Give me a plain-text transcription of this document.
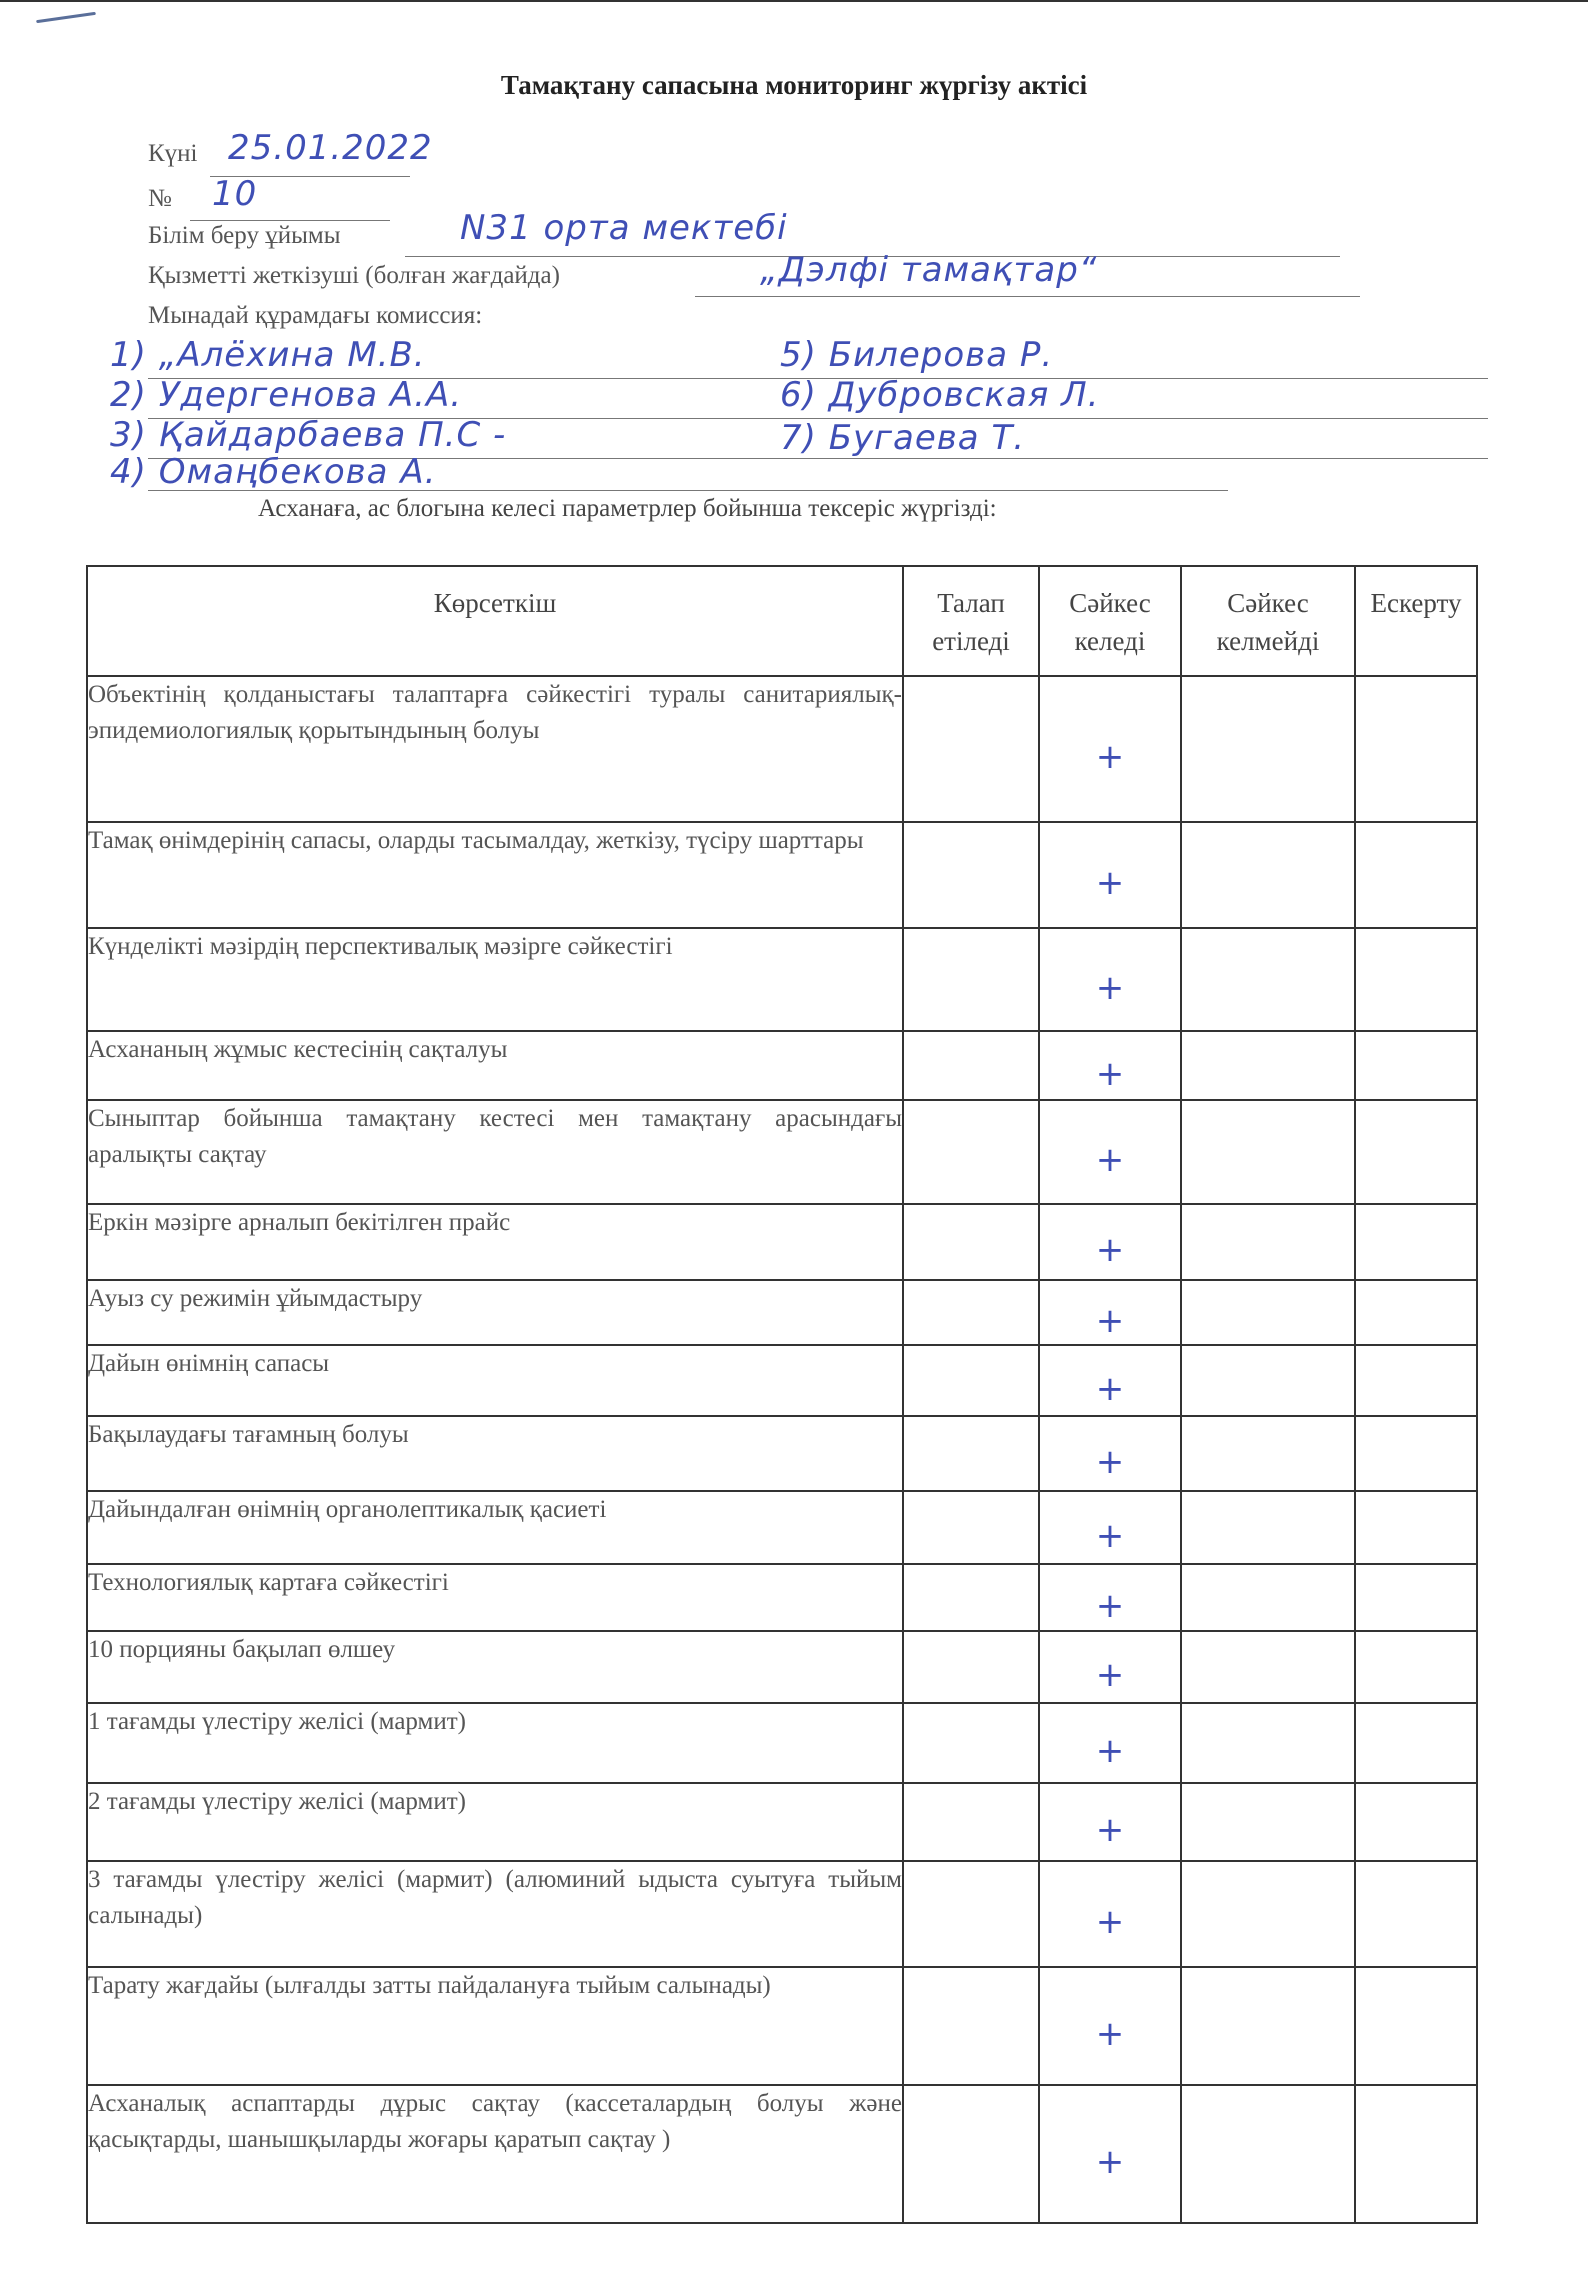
Тамақтану сапасына мониторинг жүргізу актісі
Күні 25.01.2022
№ 10
Білім беру ұйымы	N31 орта мектебі
Қызметті жеткізуші (болған жағдайда)	„Дэлфі тамақтар“
Мынадай құрамдағы комиссия:
1) „Алёхина М.В.	5) Билерова Р.
2) Удергенова А.А.	6) Дубровская Л.
3) Қайдарбаева П.С -	7) Бугаева Т.
4) Омаңбекова А.
Асханаға, ас блогына келесі параметрлер бойынша тексеріс жүргізді:
Көрсеткіш	Талап етіледі	Сәйкес келеді	Сәйкес келмейді	Ескерту
Объектінің қолданыстағы талаптарға сәйкестігі туралы санитариялық-эпидемиологиялық қорытындының болуы		+		

Тамақ өнімдерінің сапасы, оларды тасымалдау, жеткізу, түсіру шарттары		+		

Күнделікті мәзірдің перспективалық мәзірге сәйкестігі		+		

Асхананың жұмыс кестесінің сақталуы		+		

Сыныптар бойынша тамақтану кестесі мен тамақтану арасындағы аралықты сақтау		+		

Еркін мәзірге арналып бекітілген прайс		+		

Ауыз су режимін ұйымдастыру		+		

Дайын өнімнің сапасы		+		

Бақылаудағы тағамның болуы		+		

Дайындалған өнімнің органолептикалық қасиеті		+		

Технологиялық картаға сәйкестігі		+		

10 порцияны бақылап өлшеу		+		

1 тағамды үлестіру желісі (мармит)		+		

2 тағамды үлестіру желісі (мармит)		+		

3 тағамды үлестіру желісі (мармит) (алюминий ыдыста суытуға тыйым салынады)		+		

Тарату жағдайы (ылғалды затты пайдалануға тыйым салынады)		+		

Асханалық аспаптарды дұрыс сақтау (кассеталардың болуы және қасықтарды, шанышқыларды жоғары қаратып сақтау )		+		
